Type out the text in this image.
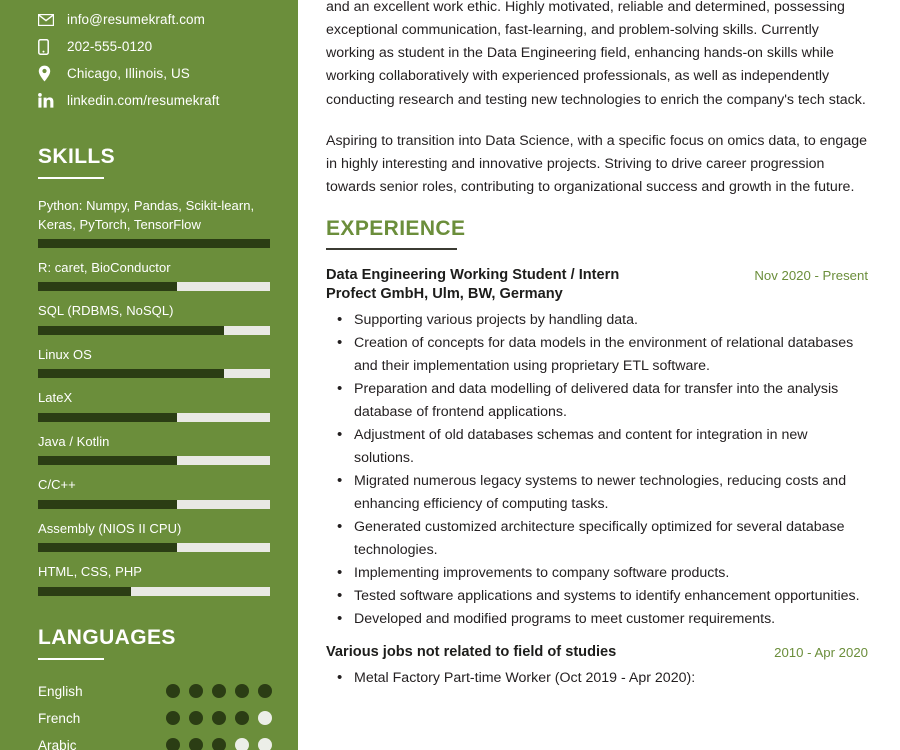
info@resumekraft.com
202-555-0120
Chicago, Illinois, US
linkedin.com/resumekraft
SKILLS
Python: Numpy, Pandas, Scikit-learn, Keras, PyTorch, TensorFlow
R: caret, BioConductor
SQL (RDBMS, NoSQL)
Linux OS
LateX
Java / Kotlin
C/C++
Assembly (NIOS II CPU)
HTML, CSS, PHP
LANGUAGES
English
French
Arabic

and an excellent work ethic. Highly motivated, reliable and determined, possessing exceptional communication, fast-learning, and problem-solving skills. Currently working as student in the Data Engineering field, enhancing hands-on skills while working collaboratively with experienced professionals, as well as independently conducting research and testing new technologies to enrich the company's tech stack.

Aspiring to transition into Data Science, with a specific focus on omics data, to engage in highly interesting and innovative projects. Striving to drive career progression towards senior roles, contributing to organizational success and growth in the future.

EXPERIENCE
Data Engineering Working Student / Intern
Profect GmbH, Ulm, BW, Germany
Nov 2020 - Present
• Supporting various projects by handling data.
• Creation of concepts for data models in the environment of relational databases and their implementation using proprietary ETL software.
• Preparation and data modelling of delivered data for transfer into the analysis database of frontend applications.
• Adjustment of old databases schemas and content for integration in new solutions.
• Migrated numerous legacy systems to newer technologies, reducing costs and enhancing efficiency of computing tasks.
• Generated customized architecture specifically optimized for several database technologies.
• Implementing improvements to company software products.
• Tested software applications and systems to identify enhancement opportunities.
• Developed and modified programs to meet customer requirements.
Various jobs not related to field of studies	2010 - Apr 2020
• Metal Factory Part-time Worker (Oct 2019 - Apr 2020):
